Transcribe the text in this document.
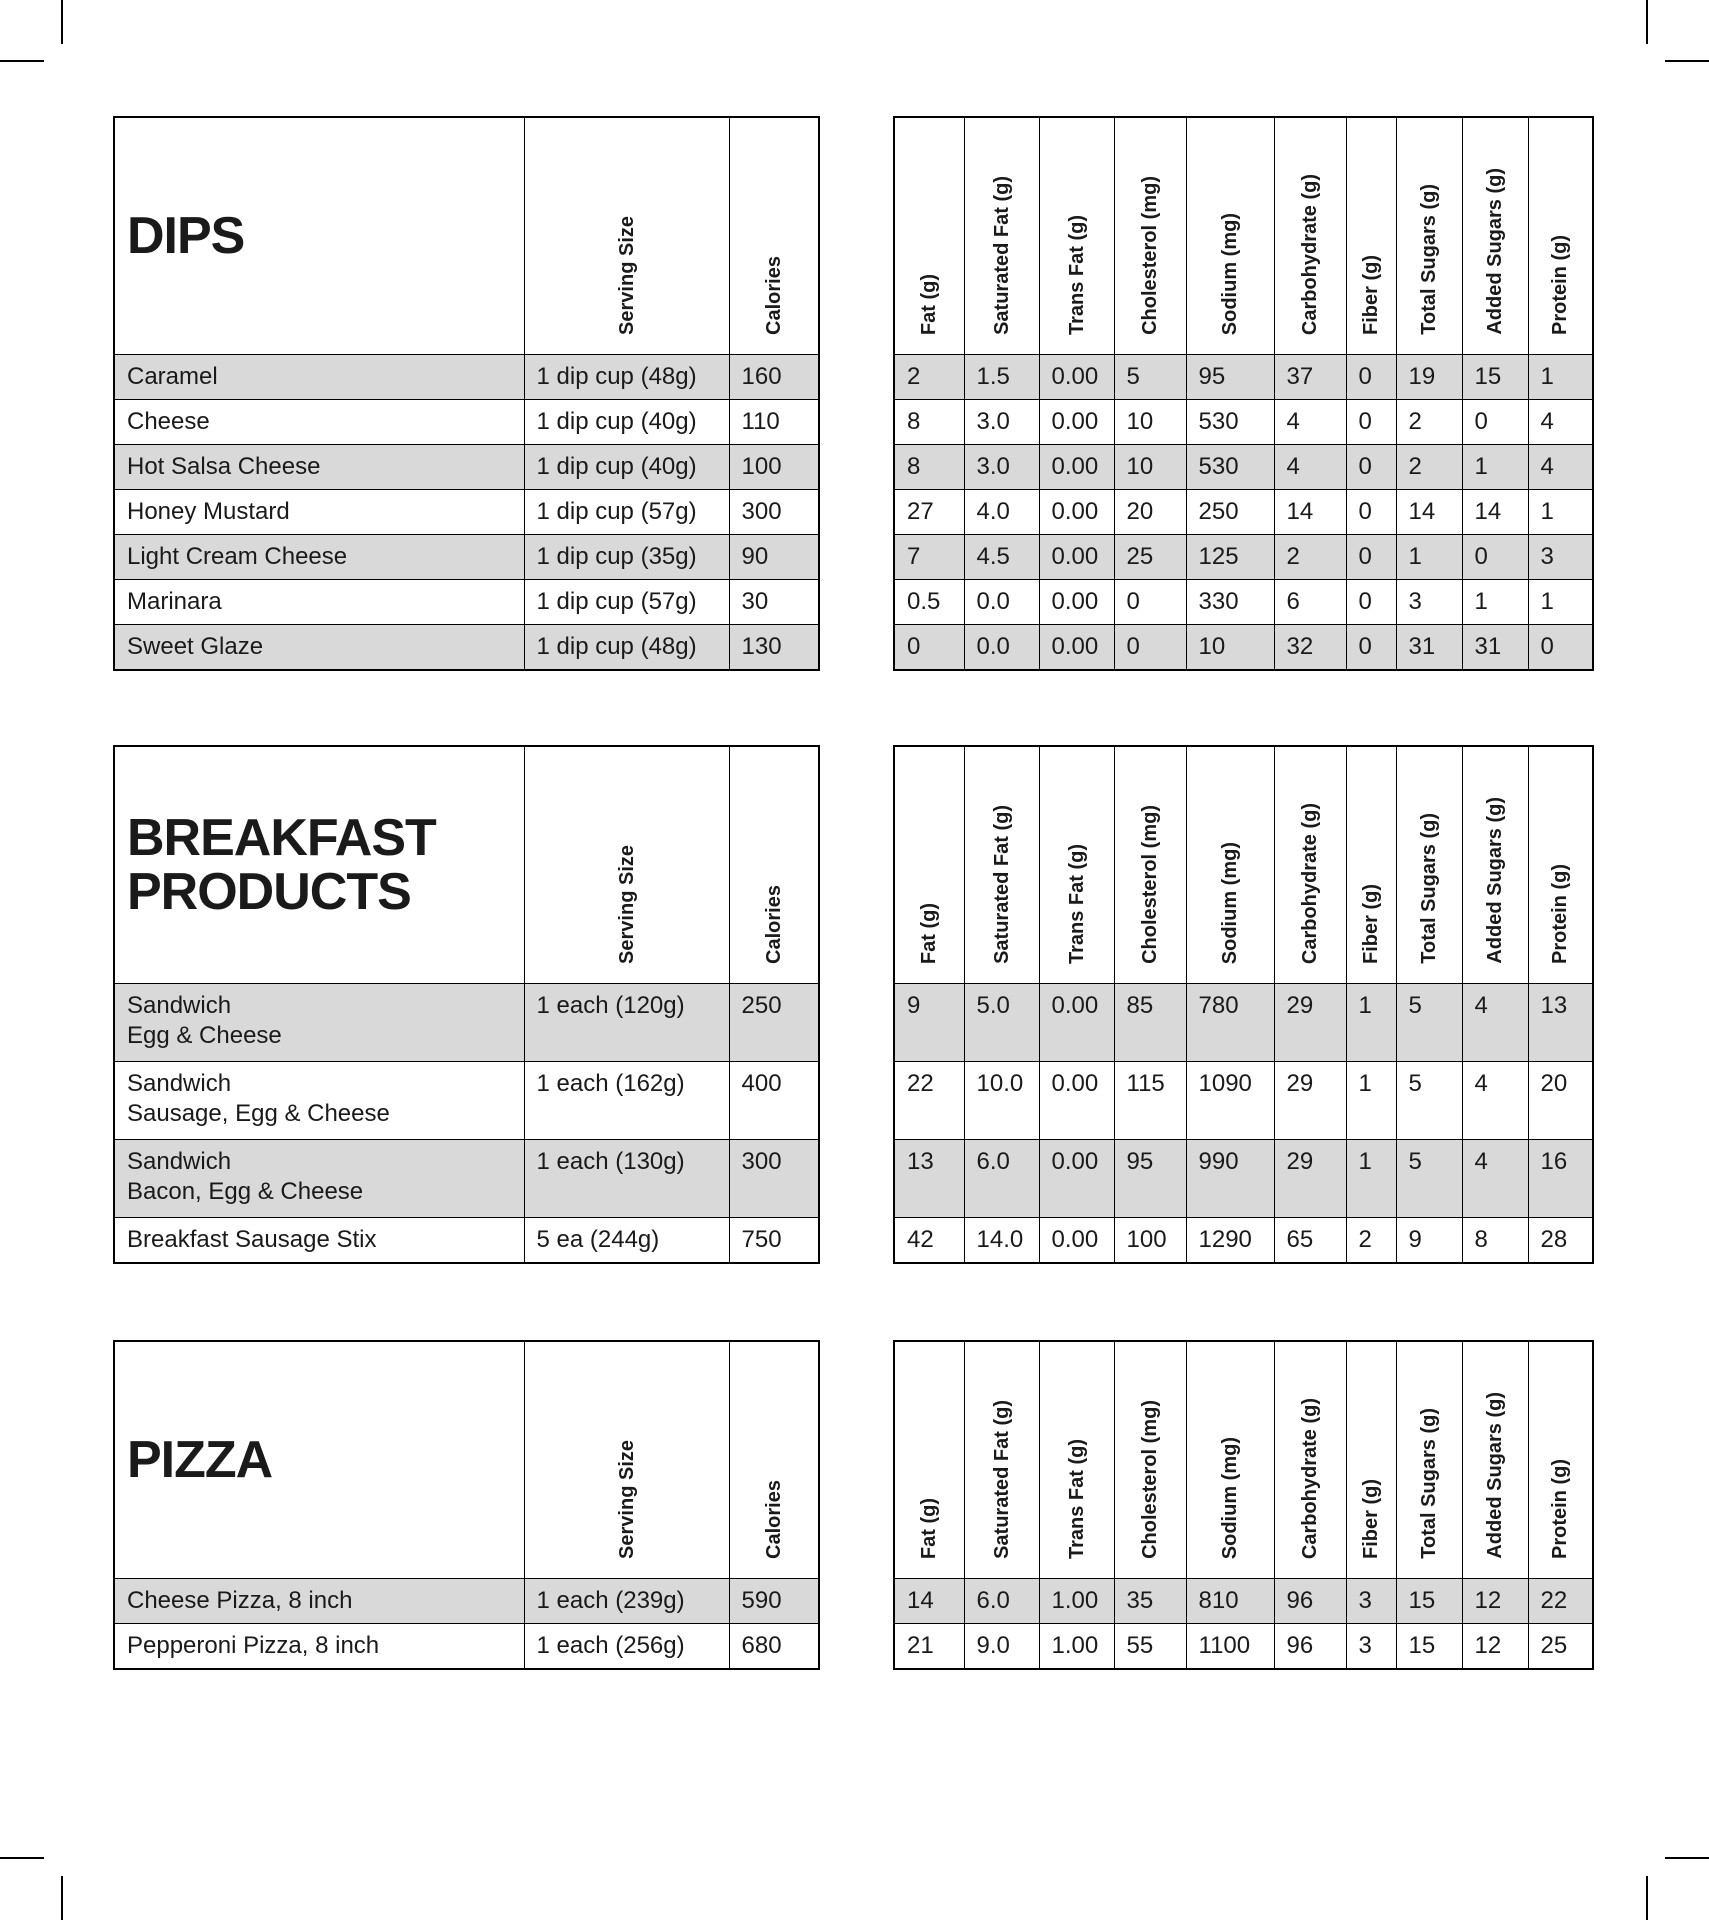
DIPS	Serving Size	Calories

Caramel	1 dip cup (48g)	160

Cheese	1 dip cup (40g)	110

Hot Salsa Cheese	1 dip cup (40g)	100

Honey Mustard	1 dip cup (57g)	300

Light Cream Cheese	1 dip cup (35g)	90

Marinara	1 dip cup (57g)	30

Sweet Glaze	1 dip cup (48g)	130
Fat (g)	Saturated Fat (g)	Trans Fat (g)	Cholesterol (mg)	Sodium (mg)	Carbohydrate (g)	Fiber (g)	Total Sugars (g)	Added Sugars (g)	Protein (g)
2	1.5	0.00	5	95	37	0	19	15	1
8	3.0	0.00	10	530	4	0	2	0	4
8	3.0	0.00	10	530	4	0	2	1	4
27	4.0	0.00	20	250	14	0	14	14	1
7	4.5	0.00	25	125	2	0	1	0	3
0.5	0.0	0.00	0	330	6	0	3	1	1
0	0.0	0.00	0	10	32	0	31	31	0
BREAKFAST
PRODUCTS	Serving Size	Calories

Sandwich
Egg & Cheese	1 each (120g)	250

Sandwich
Sausage, Egg & Cheese	1 each (162g)	400

Sandwich
Bacon, Egg & Cheese	1 each (130g)	300

Breakfast Sausage Stix	5 ea (244g)	750
Fat (g)	Saturated Fat (g)	Trans Fat (g)	Cholesterol (mg)	Sodium (mg)	Carbohydrate (g)	Fiber (g)	Total Sugars (g)	Added Sugars (g)	Protein (g)
9	5.0	0.00	85	780	29	1	5	4	13
22	10.0	0.00	115	1090	29	1	5	4	20
13	6.0	0.00	95	990	29	1	5	4	16
42	14.0	0.00	100	1290	65	2	9	8	28
PIZZA	Serving Size	Calories

Cheese Pizza, 8 inch	1 each (239g)	590

Pepperoni Pizza, 8 inch	1 each (256g)	680
Fat (g)	Saturated Fat (g)	Trans Fat (g)	Cholesterol (mg)	Sodium (mg)	Carbohydrate (g)	Fiber (g)	Total Sugars (g)	Added Sugars (g)	Protein (g)
14	6.0	1.00	35	810	96	3	15	12	22
21	9.0	1.00	55	1100	96	3	15	12	25
